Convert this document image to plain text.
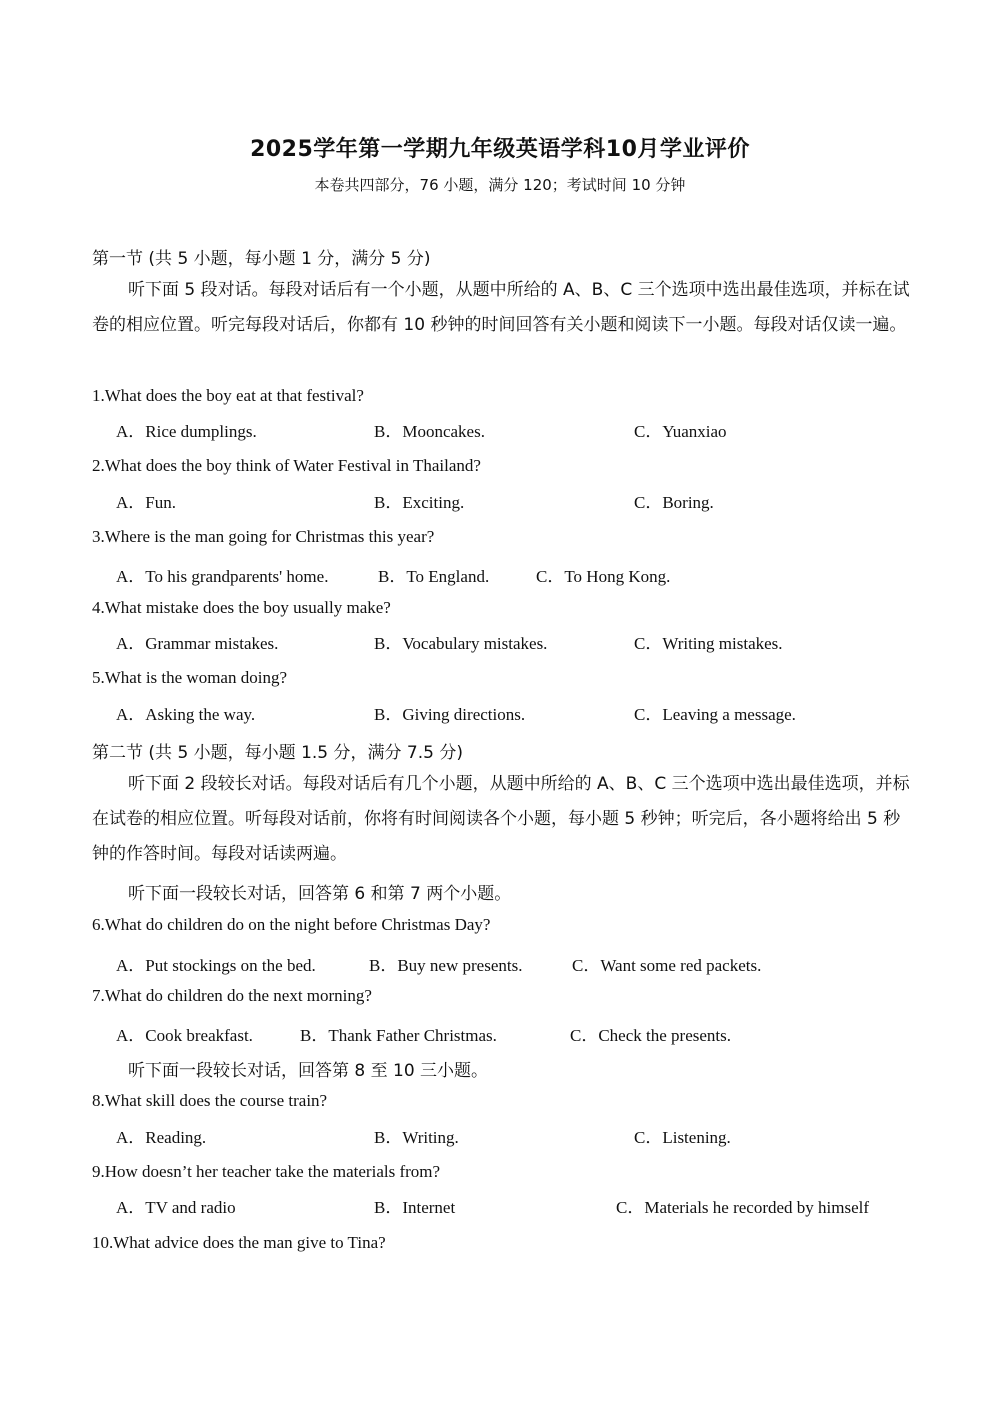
2025学年第一学期九年级英语学科10月学业评价
本卷共四部分，76 小题，满分 120；考试时间 10 分钟
第一节 (共 5 小题，每小题 1 分，满分 5 分)
听下面 5 段对话。每段对话后有一个小题，从题中所给的 A、B、C 三个选项中选出最佳选项，并标在试卷的相应位置。听完每段对话后，你都有 10 秒钟的时间回答有关小题和阅读下一小题。每段对话仅读一遍。
1.What does the boy eat at that festival?
A．Rice dumplings.	B．Mooncakes.	C．Yuanxiao
2.What does the boy think of Water Festival in Thailand?
A．Fun.	B．Exciting.	C．Boring.
3.Where is the man going for Christmas this year?
A．To his grandparents' home.	B．To England.	C．To Hong Kong.
4.What mistake does the boy usually make?
A．Grammar mistakes.	B．Vocabulary mistakes.	C．Writing mistakes.
5.What is the woman doing?
A．Asking the way.	B．Giving directions.	C．Leaving a message.
第二节 (共 5 小题，每小题 1.5 分，满分 7.5 分)
听下面 2 段较长对话。每段对话后有几个小题，从题中所给的 A、B、C 三个选项中选出最佳选项，并标在试卷的相应位置。听每段对话前，你将有时间阅读各个小题，每小题 5 秒钟；听完后，各小题将给出 5 秒钟的作答时间。每段对话读两遍。
听下面一段较长对话，回答第 6 和第 7 两个小题。
6.What do children do on the night before Christmas Day?
A．Put stockings on the bed.	B．Buy new presents.	C．Want some red packets.
7.What do children do the next morning?
A．Cook breakfast.	B．Thank Father Christmas.	C．Check the presents.
听下面一段较长对话，回答第 8 至 10 三小题。
8.What skill does the course train?
A．Reading.	B．Writing.	C．Listening.
9.How doesn’t her teacher take the materials from?
A．TV and radio	B．Internet	C．Materials he recorded by himself
10.What advice does the man give to Tina?
